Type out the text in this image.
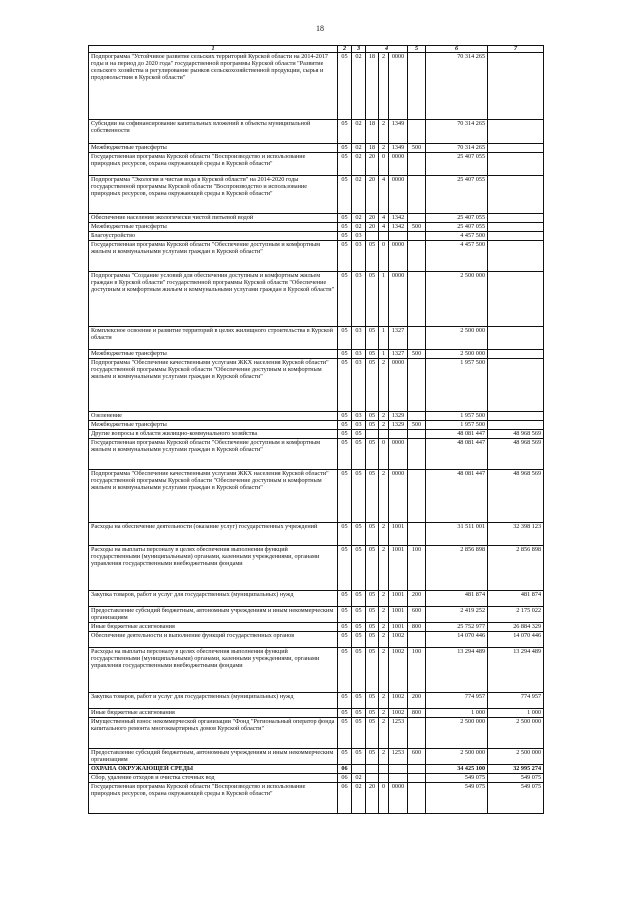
18
1	2	3	4			5	6	7
Подпрограмма "Устойчивое развитие сельских территорий Курской области на 2014-2017 годы и на период до 2020 года" государственной программы Курской области "Развитие сельского хозяйства и регулирование рынков сельскохозяйственной продукции, сырья и продовольствия в Курской области"	05	02	18	2	0000		70 314 265	
Субсидии на софинансирование капитальных вложений в объекты муниципальной собственности	05	02	18	2	1349		70 314 265	
Межбюджетные трансферты	05	02	18	2	1349	500	70 314 265	
Государственная программа Курской области "Воспроизводство и использование природных ресурсов, охрана окружающей среды в Курской области"	05	02	20	0	0000		25 407 055	
Подпрограмма "Экология и чистая вода в Курской области" на 2014-2020 годы государственной программы Курской области "Воспроизводство и использование природных ресурсов, охрана окружающей среды в Курской области"	05	02	20	4	0000		25 407 055	
Обеспечение населения экологически чистой питьевой водой	05	02	20	4	1342		25 407 055	
Межбюджетные трансферты	05	02	20	4	1342	500	25 407 055	
Благоустройство	05	03					4 457 500	
Государственная программа Курской области "Обеспечение доступным и комфортным жильем и коммунальными услугами граждан в Курской области"	05	03	05	0	0000		4 457 500	
Подпрограмма "Создание условий для обеспечения доступным и комфортным жильем граждан в Курской области" государственной программы Курской области "Обеспечение доступным и комфортным жильем и коммунальными услугами граждан в Курской области"	05	03	05	1	0000		2 500 000	
Комплексное освоение и развитие территорий в целях жилищного строительства в Курской области	05	03	05	1	1327		2 500 000	
Межбюджетные трансферты	05	03	05	1	1327	500	2 500 000	
Подпрограмма "Обеспечение качественными услугами ЖКХ населения Курской области" государственной программы Курской области "Обеспечение доступным и комфортным жильем и коммунальными услугами граждан в Курской области"	05	03	05	2	0000		1 957 500	
Озеленение	05	03	05	2	1329		1 957 500	
Межбюджетные трансферты	05	03	05	2	1329	500	1 957 500	
Другие вопросы в области жилищно-коммунального хозяйства	05	05					48 081 447	48 968 569
Государственная программа Курской области "Обеспечение доступным и комфортным жильем и коммунальными услугами граждан в Курской области"	05	05	05	0	0000		48 081 447	48 968 569
Подпрограмма "Обеспечение качественными услугами ЖКХ населения Курской области" государственной программы Курской области "Обеспечение доступным и комфортным жильем и коммунальными услугами граждан в Курской области"	05	05	05	2	0000		48 081 447	48 968 569
Расходы на обеспечение деятельности (оказание услуг) государственных учреждений	05	05	05	2	1001		31 511 001	32 398 123
Расходы на выплаты персоналу в целях обеспечения выполнения функций государственными (муниципальными) органами, казенными учреждениями, органами управления государственными внебюджетными фондами	05	05	05	2	1001	100	2 856 898	2 856 898
Закупка товаров, работ и услуг для государственных (муниципальных) нужд	05	05	05	2	1001	200	481 874	481 874
Предоставление субсидий бюджетным, автономным учреждениям и иным некоммерческим организациям	05	05	05	2	1001	600	2 419 252	2 175 022
Иные бюджетные ассигнования	05	05	05	2	1001	800	25 752 977	26 884 329
Обеспечение деятельности и выполнение функций государственных органов	05	05	05	2	1002		14 070 446	14 070 446
Расходы на выплаты персоналу в целях обеспечения выполнения функций государственными (муниципальными) органами, казенными учреждениями, органами управления государственными внебюджетными фондами	05	05	05	2	1002	100	13 294 489	13 294 489
Закупка товаров, работ и услуг для государственных (муниципальных) нужд	05	05	05	2	1002	200	774 957	774 957
Иные бюджетные ассигнования	05	05	05	2	1002	800	1 000	1 000
Имущественный взнос некоммерческой организации "Фонд "Региональный оператор фонда капитального ремонта многоквартирных домов Курской области"	05	05	05	2	1253		2 500 000	2 500 000
Предоставление субсидий бюджетным, автономным учреждениям и иным некоммерческим организациям	05	05	05	2	1253	600	2 500 000	2 500 000
ОХРАНА ОКРУЖАЮЩЕЙ СРЕДЫ	06						34 425 100	32 995 274
Сбор, удаление отходов и очистка сточных вод	06	02					549 075	549 075
Государственная программа Курской области "Воспроизводство и использование природных ресурсов, охрана окружающей среды в Курской области"	06	02	20	0	0000		549 075	549 075
